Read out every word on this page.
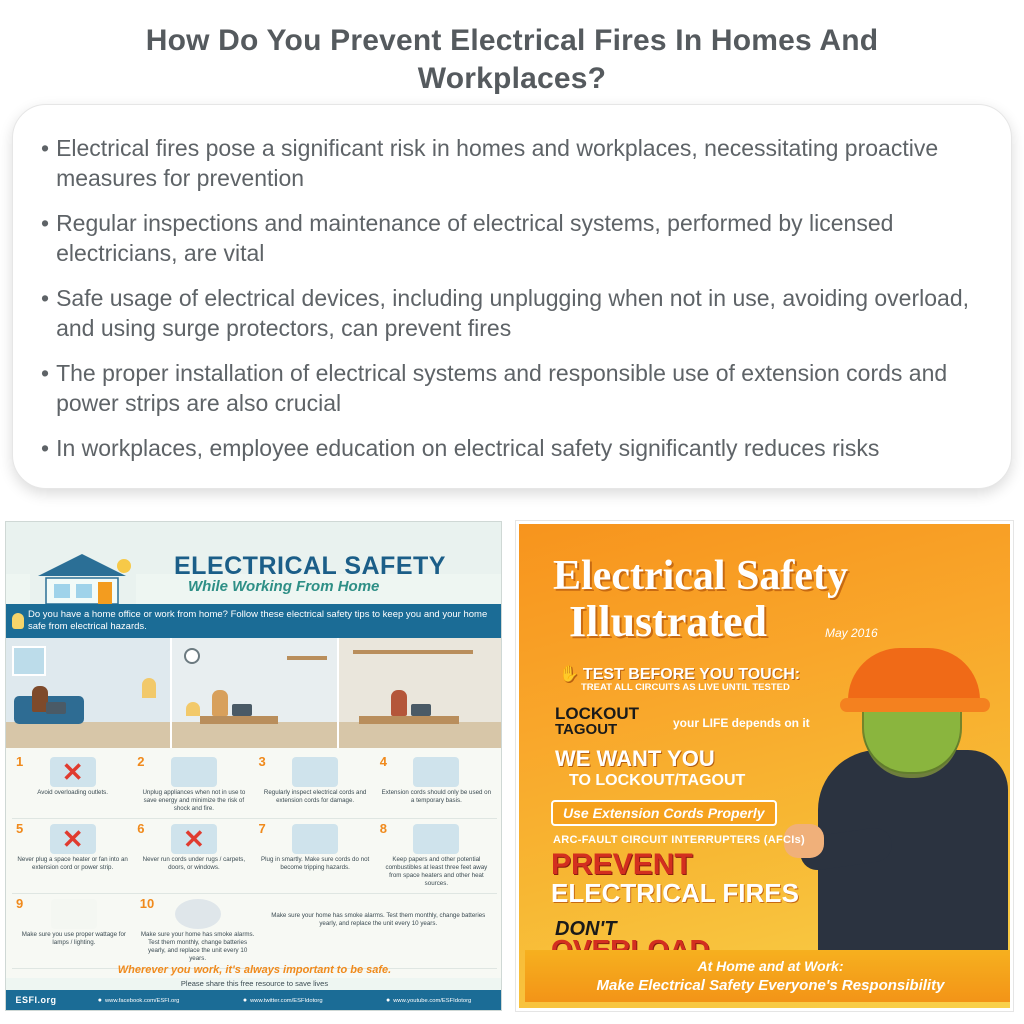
How Do You Prevent Electrical Fires In Homes And Workplaces?
• Electrical fires pose a significant risk in homes and workplaces, necessitating proactive measures for prevention
• Regular inspections and maintenance of electrical systems, performed by licensed electricians, are vital
• Safe usage of electrical devices, including unplugging when not in use, avoiding overload, and using surge protectors, can prevent fires
• The proper installation of electrical systems and responsible use of extension cords and power strips are also crucial
• In workplaces, employee education on electrical safety significantly reduces risks
ELECTRICAL SAFETY
While Working From Home
Do you have a home office or work from home? Follow these electrical safety tips to keep you and your home safe from electrical hazards.
1	✕
Avoid overloading outlets.
2
Unplug appliances when not in use to save energy and minimize the risk of shock and fire.
3
Regularly inspect electrical cords and extension cords for damage.
4
Extension cords should only be used on a temporary basis.
5	✕
Never plug a space heater or fan into an extension cord or power strip.
6	✕
Never run cords under rugs / carpets, doors, or windows.
7
Plug in smartly. Make sure cords do not become tripping hazards.
8
Keep papers and other potential combustibles at least three feet away from space heaters and other heat sources.
9
Make sure you use proper wattage for lamps / lighting.
10
Make sure your home has smoke alarms. Test them monthly, change batteries yearly, and replace the unit every 10 years.
Make sure your home has smoke alarms. Test them monthly, change batteries yearly, and replace the unit every 10 years.
Wherever you work, it's always important to be safe.
Please share this free resource to save lives
ESFI.org	● www.facebook.com/ESFI.org	● www.twitter.com/ESFIdotorg	● www.youtube.com/ESFIdotorg
Electrical Safety
Illustrated	May 2016
✋ TEST BEFORE YOU TOUCH:
TREAT ALL CIRCUITS AS LIVE UNTIL TESTED
LOCKOUT
TAGOUT	your LIFE depends on it
WE WANT YOU
TO LOCKOUT/TAGOUT
Use Extension Cords Properly
ARC-FAULT CIRCUIT INTERRUPTERS (AFCIs)
PREVENT
ELECTRICAL FIRES
DON'T
At Home and at Work:
Make Electrical Safety Everyone's Responsibility
